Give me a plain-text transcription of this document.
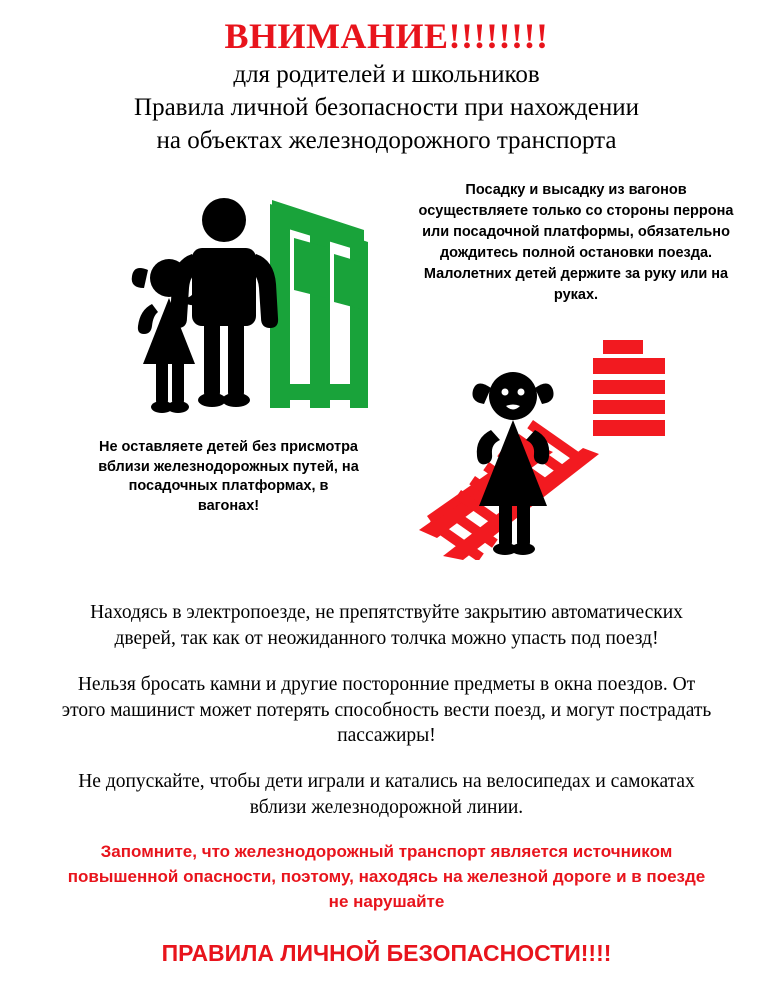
ВНИМАНИЕ!!!!!!!!
для родителей и школьников
Правила личной безопасности при нахождении
на объектах железнодорожного транспорта
Не оставляете детей без присмотра вблизи железнодорожных путей, на посадочных платформах, в вагонах!
Посадку и высадку из вагонов осуществляете только со стороны перрона или посадочной платформы, обязательно дождитесь полной остановки поезда. Малолетних детей держите за руку или на руках.

Находясь в электропоезде, не препятствуйте закрытию автоматических дверей, так как от неожиданного толчка можно упасть под поезд!

Нельзя бросать камни и другие посторонние предметы в окна поездов. От этого машинист может потерять способность вести поезд, и могут пострадать пассажиры!

Не допускайте, чтобы дети играли и катались на велосипедах и самокатах вблизи железнодорожной линии.

Запомните, что железнодорожный транспорт является источником повышенной опасности, поэтому, находясь на железной дороге и в поезде не нарушайте

ПРАВИЛА ЛИЧНОЙ БЕЗОПАСНОСТИ!!!!
